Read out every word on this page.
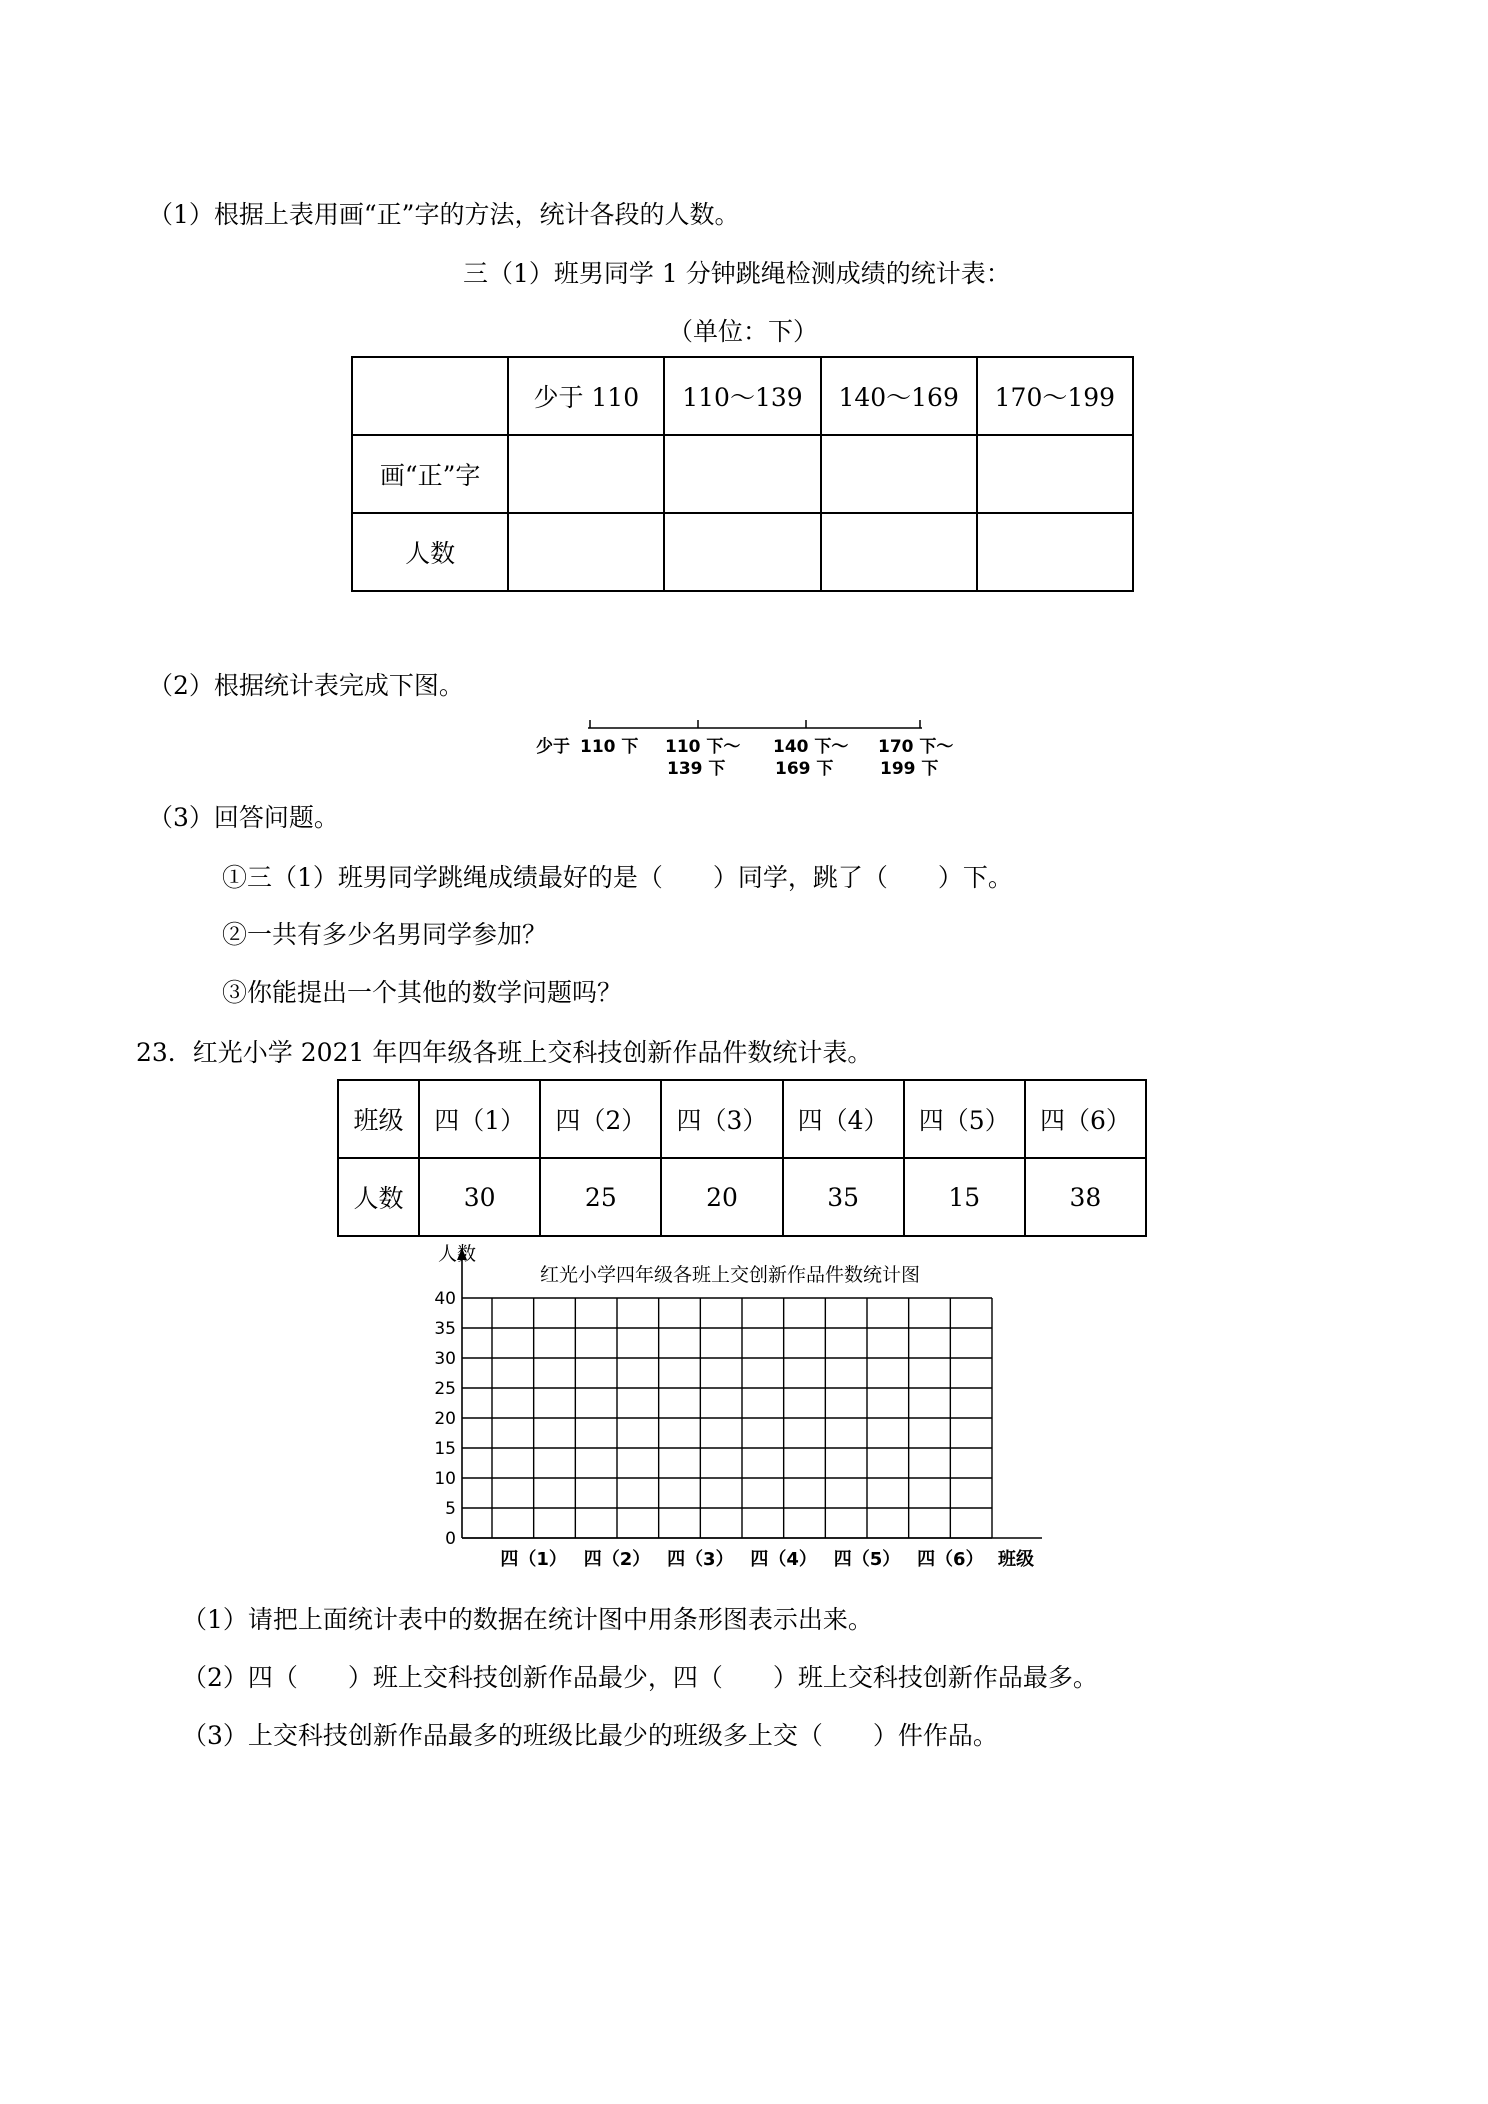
（1）根据上表用画“正”字的方法，统计各段的人数。
三（1）班男同学 1 分钟跳绳检测成绩的统计表：
（单位：下）
	少于 110	110～139	140～169	170～199
画“正”字				
人数				
（2）根据统计表完成下图。
少于 110 下 110 下～ 140 下～ 170 下～
139 下	169 下	199 下
（3）回答问题。
①三（1）班男同学跳绳成绩最好的是（　　）同学，跳了（　　）下。
②一共有多少名男同学参加？
③你能提出一个其他的数学问题吗？
23．红光小学 2021 年四年级各班上交科技创新作品件数统计表。
班级	四（1）	四（2）	四（3）	四（4）	四（5）	四（6）
人数	30	25	20	35	15	38
0
5
10
15
20
25
30
35
40
四（1） 四（2） 四（3） 四（4） 四（5） 四（6）
红光小学四年级各班上交创新作品件数统计图
人数
班级
（1）请把上面统计表中的数据在统计图中用条形图表示出来。
（2）四（　　）班上交科技创新作品最少，四（　　）班上交科技创新作品最多。
（3）上交科技创新作品最多的班级比最少的班级多上交（　　）件作品。
